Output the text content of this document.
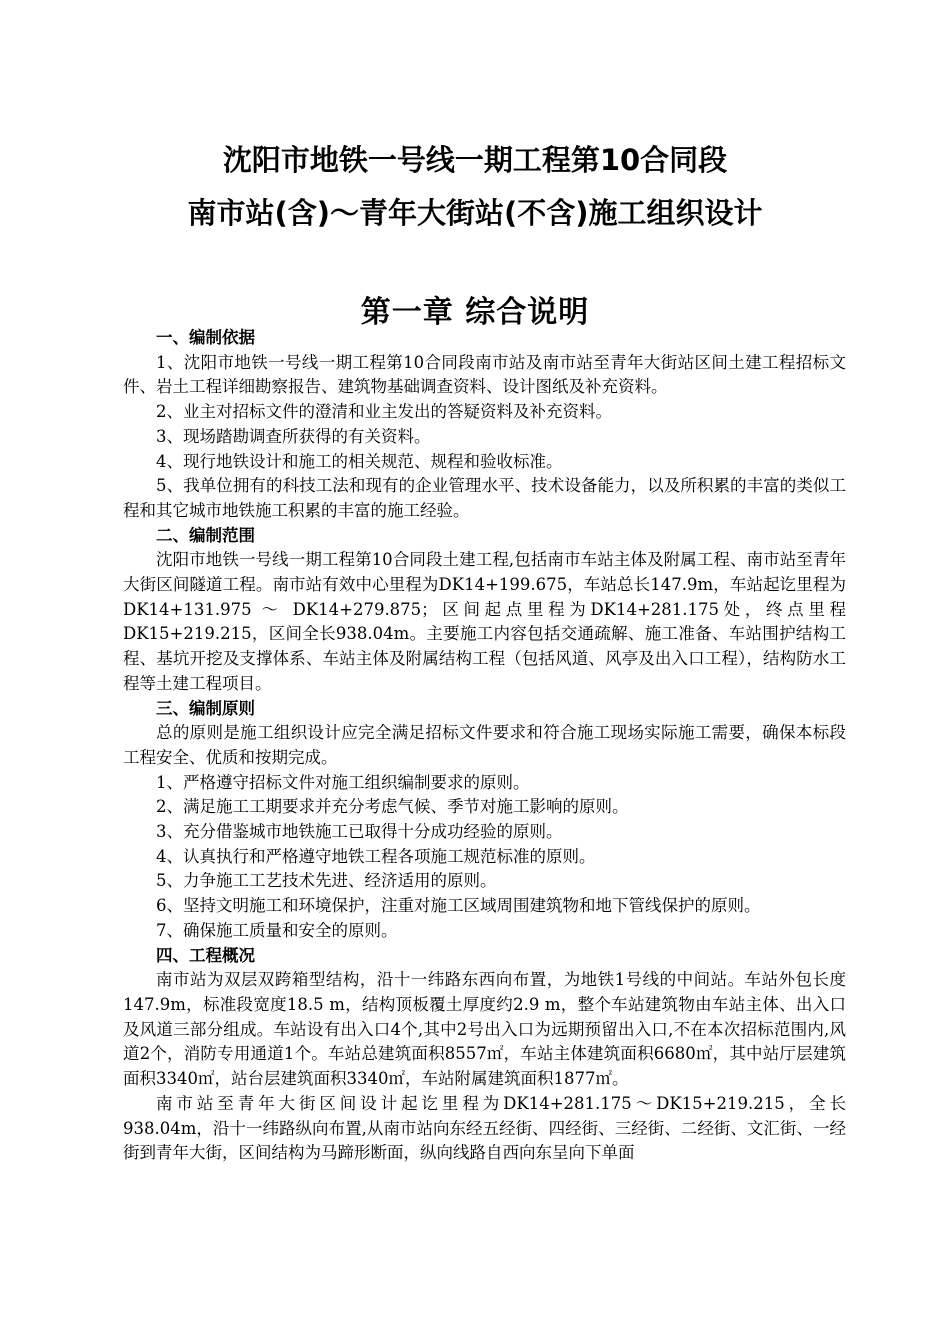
沈阳市地铁一号线一期工程第10合同段
南市站(含)～青年大街站(不含)施工组织设计
第一章 综合说明
一、编制依据

1、沈阳市地铁一号线一期工程第10合同段南市站及南市站至青年大街站区间土建工程招标文件、岩土工程详细勘察报告、建筑物基础调查资料、设计图纸及补充资料。

2、业主对招标文件的澄清和业主发出的答疑资料及补充资料。

3、现场踏勘调查所获得的有关资料。

4、现行地铁设计和施工的相关规范、规程和验收标准。

5、我单位拥有的科技工法和现有的企业管理水平、技术设备能力，以及所积累的丰富的类似工程和其它城市地铁施工积累的丰富的施工经验。

二、编制范围

沈阳市地铁一号线一期工程第10合同段土建工程,包括南市车站主体及附属工程、南市站至青年大街区间隧道工程。南市站有效中心里程为DK14+199.675，车站总长147.9m，车站起讫里程为　DK14+131.975 ～ DK14+279.875；区间起点里程为DK14+281.175处，终点里程DK15+219.215，区间全长938.04m。主要施工内容包括交通疏解、施工准备、车站围护结构工程、基坑开挖及支撑体系、车站主体及附属结构工程（包括风道、风亭及出入口工程），结构防水工程等土建工程项目。

三、编制原则

总的原则是施工组织设计应完全满足招标文件要求和符合施工现场实际施工需要，确保本标段工程安全、优质和按期完成。

1、严格遵守招标文件对施工组织编制要求的原则。

2、满足施工工期要求并充分考虑气候、季节对施工影响的原则。

3、充分借鉴城市地铁施工已取得十分成功经验的原则。

4、认真执行和严格遵守地铁工程各项施工规范标准的原则。

5、力争施工工艺技术先进、经济适用的原则。

6、坚持文明施工和环境保护，注重对施工区域周围建筑物和地下管线保护的原则。

7、确保施工质量和安全的原则。

四、工程概况

南市站为双层双跨箱型结构，沿十一纬路东西向布置，为地铁1号线的中间站。车站外包长度147.9m，标准段宽度18.5 m，结构顶板覆土厚度约2.9 m，整个车站建筑物由车站主体、出入口及风道三部分组成。车站设有出入口4个,其中2号出入口为远期预留出入口,不在本次招标范围内,风道2个，消防专用通道1个。车站总建筑面积8557㎡，车站主体建筑面积6680㎡，其中站厅层建筑面积3340㎡，站台层建筑面积3340㎡，车站附属建筑面积1877㎡。

南市站至青年大街区间设计起讫里程为DK14+281.175～DK15+219.215，全长938.04m，沿十一纬路纵向布置,从南市站向东经五经街、四经街、三经街、二经街、文汇街、一经街到青年大街，区间结构为马蹄形断面，纵向线路自西向东呈向下单面
